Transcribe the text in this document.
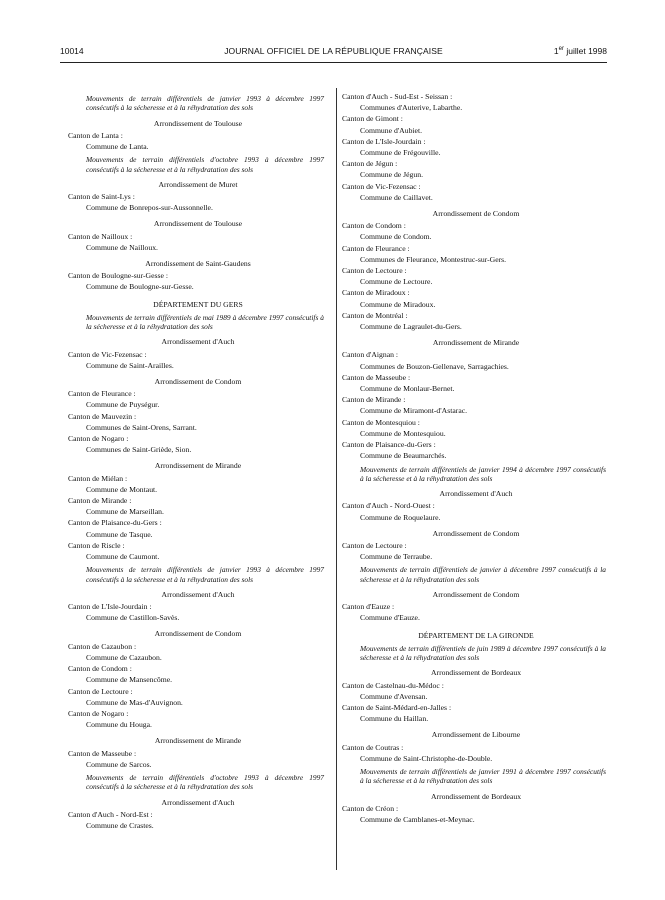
10014	JOURNAL OFFICIEL DE LA RÉPUBLIQUE FRANÇAISE	1er juillet 1998
Mouvements de terrain différentiels de janvier 1993 à décembre 1997 consécutifs à la sécheresse et à la réhydratation des sols
Arrondissement de Toulouse
Canton de Lanta :
Commune de Lanta.
Mouvements de terrain différentiels d'octobre 1993 à décembre 1997 consécutifs à la sécheresse et à la réhydratation des sols
Arrondissement de Muret
Canton de Saint-Lys :
Commune de Bonrepos-sur-Aussonnelle.
Arrondissement de Toulouse
Canton de Nailloux :
Commune de Nailloux.
Arrondissement de Saint-Gaudens
Canton de Boulogne-sur-Gesse :
Commune de Boulogne-sur-Gesse.
DÉPARTEMENT DU GERS
Mouvements de terrain différentiels de mai 1989 à décembre 1997 consécutifs à la sécheresse et à la réhydratation des sols
Arrondissement d'Auch
Canton de Vic-Fezensac :
Commune de Saint-Arailles.
Arrondissement de Condom
Canton de Fleurance :
Commune de Puységur.
Canton de Mauvezin :
Communes de Saint-Orens, Sarrant.
Canton de Nogaro :
Communes de Saint-Griède, Sion.
Arrondissement de Mirande
Canton de Miélan :
Commune de Montaut.
Canton de Mirande :
Commune de Marseillan.
Canton de Plaisance-du-Gers :
Commune de Tasque.
Canton de Riscle :
Commune de Caumont.
Mouvements de terrain différentiels de janvier 1993 à décembre 1997 consécutifs à la sécheresse et à la réhydratation des sols
Arrondissement d'Auch
Canton de L'Isle-Jourdain :
Commune de Castillon-Savès.
Arrondissement de Condom
Canton de Cazaubon :
Commune de Cazaubon.
Canton de Condom :
Commune de Mansencôme.
Canton de Lectoure :
Commune de Mas-d'Auvignon.
Canton de Nogaro :
Commune du Houga.
Arrondissement de Mirande
Canton de Masseube :
Commune de Sarcos.
Mouvements de terrain différentiels d'octobre 1993 à décembre 1997 consécutifs à la sécheresse et à la réhydratation des sols
Arrondissement d'Auch
Canton d'Auch - Nord-Est :
Commune de Crastes.
Canton d'Auch - Sud-Est - Seissan :
Communes d'Auterive, Labarthe.
Canton de Gimont :
Commune d'Aubiet.
Canton de L'Isle-Jourdain :
Commune de Frégouville.
Canton de Jégun :
Commune de Jégun.
Canton de Vic-Fezensac :
Commune de Caillavet.
Arrondissement de Condom
Canton de Condom :
Commune de Condom.
Canton de Fleurance :
Communes de Fleurance, Montestruc-sur-Gers.
Canton de Lectoure :
Commune de Lectoure.
Canton de Miradoux :
Commune de Miradoux.
Canton de Montréal :
Commune de Lagraulet-du-Gers.
Arrondissement de Mirande
Canton d'Aignan :
Communes de Bouzon-Gellenave, Sarragachies.
Canton de Masseube :
Commune de Monlaur-Bernet.
Canton de Mirande :
Commune de Miramont-d'Astarac.
Canton de Montesquiou :
Commune de Montesquiou.
Canton de Plaisance-du-Gers :
Commune de Beaumarchés.
Mouvements de terrain différentiels de janvier 1994 à décembre 1997 consécutifs à la sécheresse et à la réhydratation des sols
Arrondissement d'Auch
Canton d'Auch - Nord-Ouest :
Commune de Roquelaure.
Arrondissement de Condom
Canton de Lectoure :
Commune de Terraube.
Mouvements de terrain différentiels de janvier à décembre 1997 consécutifs à la sécheresse et à la réhydratation des sols
Arrondissement de Condom
Canton d'Eauze :
Commune d'Eauze.
DÉPARTEMENT DE LA GIRONDE
Mouvements de terrain différentiels de juin 1989 à décembre 1997 consécutifs à la sécheresse et à la réhydratation des sols
Arrondissement de Bordeaux
Canton de Castelnau-du-Médoc :
Commune d'Avensan.
Canton de Saint-Médard-en-Jalles :
Commune du Haillan.
Arrondissement de Libourne
Canton de Coutras :
Commune de Saint-Christophe-de-Double.
Mouvements de terrain différentiels de janvier 1991 à décembre 1997 consécutifs à la sécheresse et à la réhydratation des sols
Arrondissement de Bordeaux
Canton de Créon :
Commune de Camblanes-et-Meynac.
